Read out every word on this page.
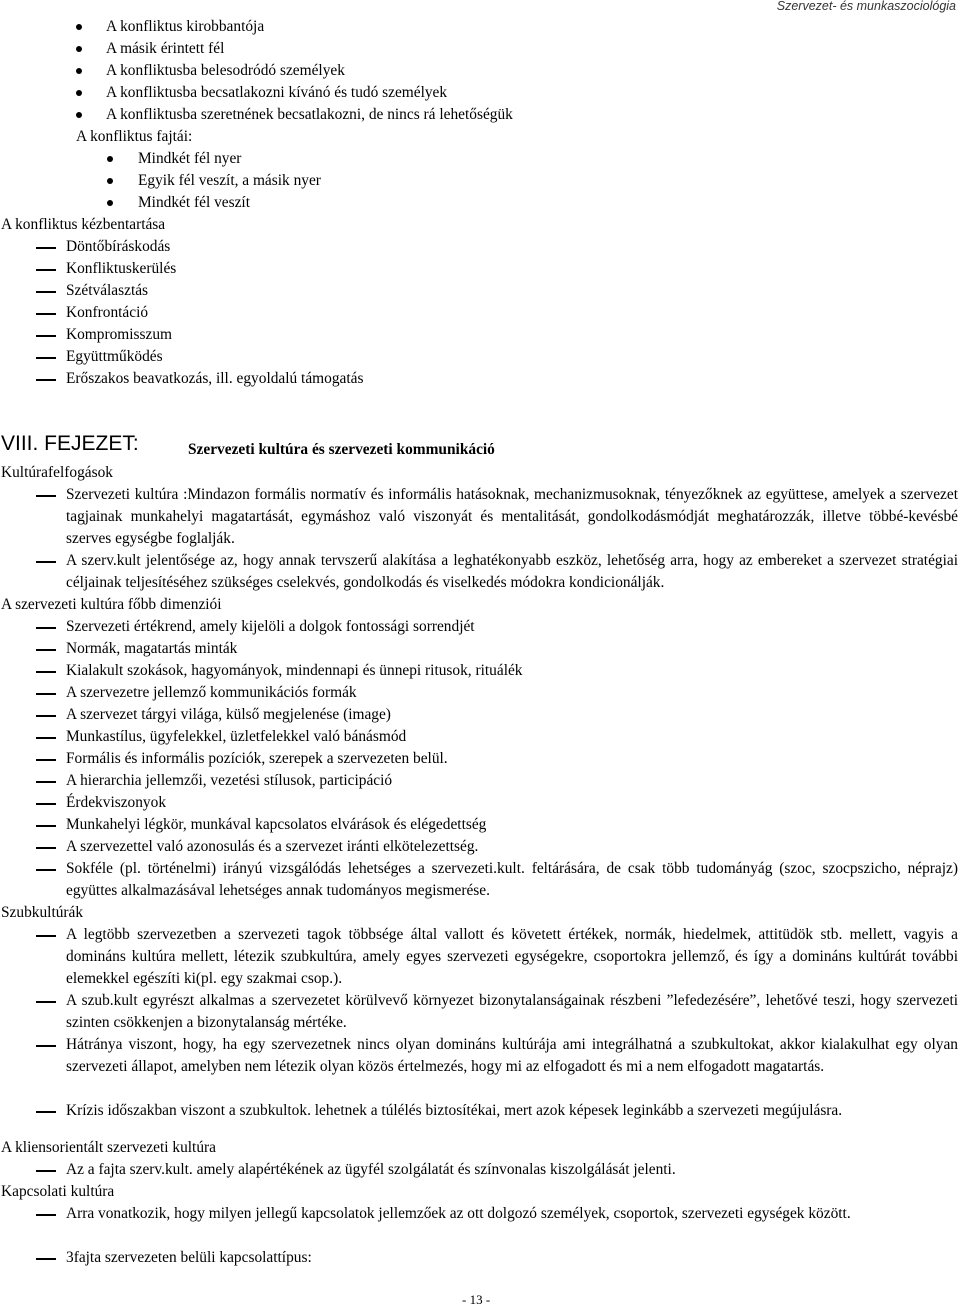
Szervezet- és munkaszociológia
A konfliktus kirobbantója
A másik érintett fél
A konfliktusba belesodródó személyek
A konfliktusba becsatlakozni kívánó és tudó személyek
A konfliktusba szeretnének becsatlakozni, de nincs rá lehetőségük
A konfliktus fajtái:
Mindkét fél nyer
Egyik fél veszít, a másik nyer
Mindkét fél veszít
A konfliktus kézbentartása
Döntőbíráskodás
Konfliktuskerülés
Szétválasztás
Konfrontáció
Kompromisszum
Együttműködés
Erőszakos beavatkozás, ill. egyoldalú támogatás
VIII. FEJEZET:	Szervezeti kultúra és szervezeti kommunikáció
Kultúrafelfogások
Szervezeti kultúra :Mindazon formális normatív és informális hatásoknak, mechanizmusoknak, tényezőknek az együttese, amelyek a szervezet tagjainak munkahelyi magatartását, egymáshoz való viszonyát és mentalitását, gondolkodásmódját meghatározzák, illetve többé-kevésbé szerves egységbe foglalják.
A szerv.kult jelentősége az, hogy annak tervszerű alakítása a leghatékonyabb eszköz, lehetőség arra, hogy az embereket a szervezet stratégiai céljainak teljesítéséhez szükséges cselekvés, gondolkodás és viselkedés módokra kondicionálják.
A szervezeti kultúra főbb dimenziói
Szervezeti értékrend, amely kijelöli a dolgok fontossági sorrendjét
Normák, magatartás minták
Kialakult szokások, hagyományok, mindennapi és ünnepi ritusok, rituálék
A szervezetre jellemző kommunikációs formák
A szervezet tárgyi világa, külső megjelenése (image)
Munkastílus, ügyfelekkel, üzletfelekkel való bánásmód
Formális és informális pozíciók, szerepek a szervezeten belül.
A hierarchia jellemzői, vezetési stílusok, participáció
Érdekviszonyok
Munkahelyi légkör, munkával kapcsolatos elvárások és elégedettség
A szervezettel való azonosulás és a szervezet iránti elkötelezettség.
Sokféle (pl. történelmi) irányú vizsgálódás lehetséges a szervezeti.kult. feltárására, de csak több tudományág (szoc, szocpszicho, néprajz) együttes alkalmazásával lehetséges annak tudományos megismerése.
Szubkultúrák
A legtöbb szervezetben a szervezeti tagok többsége által vallott és követett értékek, normák, hiedelmek, attitüdök stb. mellett, vagyis a domináns kultúra mellett, létezik szubkultúra, amely egyes szervezeti egységekre, csoportokra jellemző, és így a domináns kultúrát további elemekkel egészíti ki(pl. egy szakmai csop.).
A szub.kult egyrészt alkalmas a szervezetet körülvevő környezet bizonytalanságainak részbeni ”lefedezésére”, lehetővé teszi, hogy szervezeti szinten csökkenjen a bizonytalanság mértéke.
Hátránya viszont, hogy, ha egy szervezetnek nincs olyan domináns kultúrája ami integrálhatná a szubkultokat, akkor kialakulhat egy olyan szervezeti állapot, amelyben nem létezik olyan közös értelmezés, hogy mi az elfogadott és mi a nem elfogadott magatartás.
Krízis időszakban viszont a szubkultok. lehetnek a túlélés biztosítékai, mert azok képesek leginkább a szervezeti megújulásra.
A kliensorientált szervezeti kultúra
Az a fajta szerv.kult. amely alapértékének az ügyfél szolgálatát és színvonalas kiszolgálását jelenti.
Kapcsolati kultúra
Arra vonatkozik, hogy milyen jellegű kapcsolatok jellemzőek az ott dolgozó személyek, csoportok, szervezeti egységek között.
3fajta szervezeten belüli kapcsolattípus:
- 13 -
